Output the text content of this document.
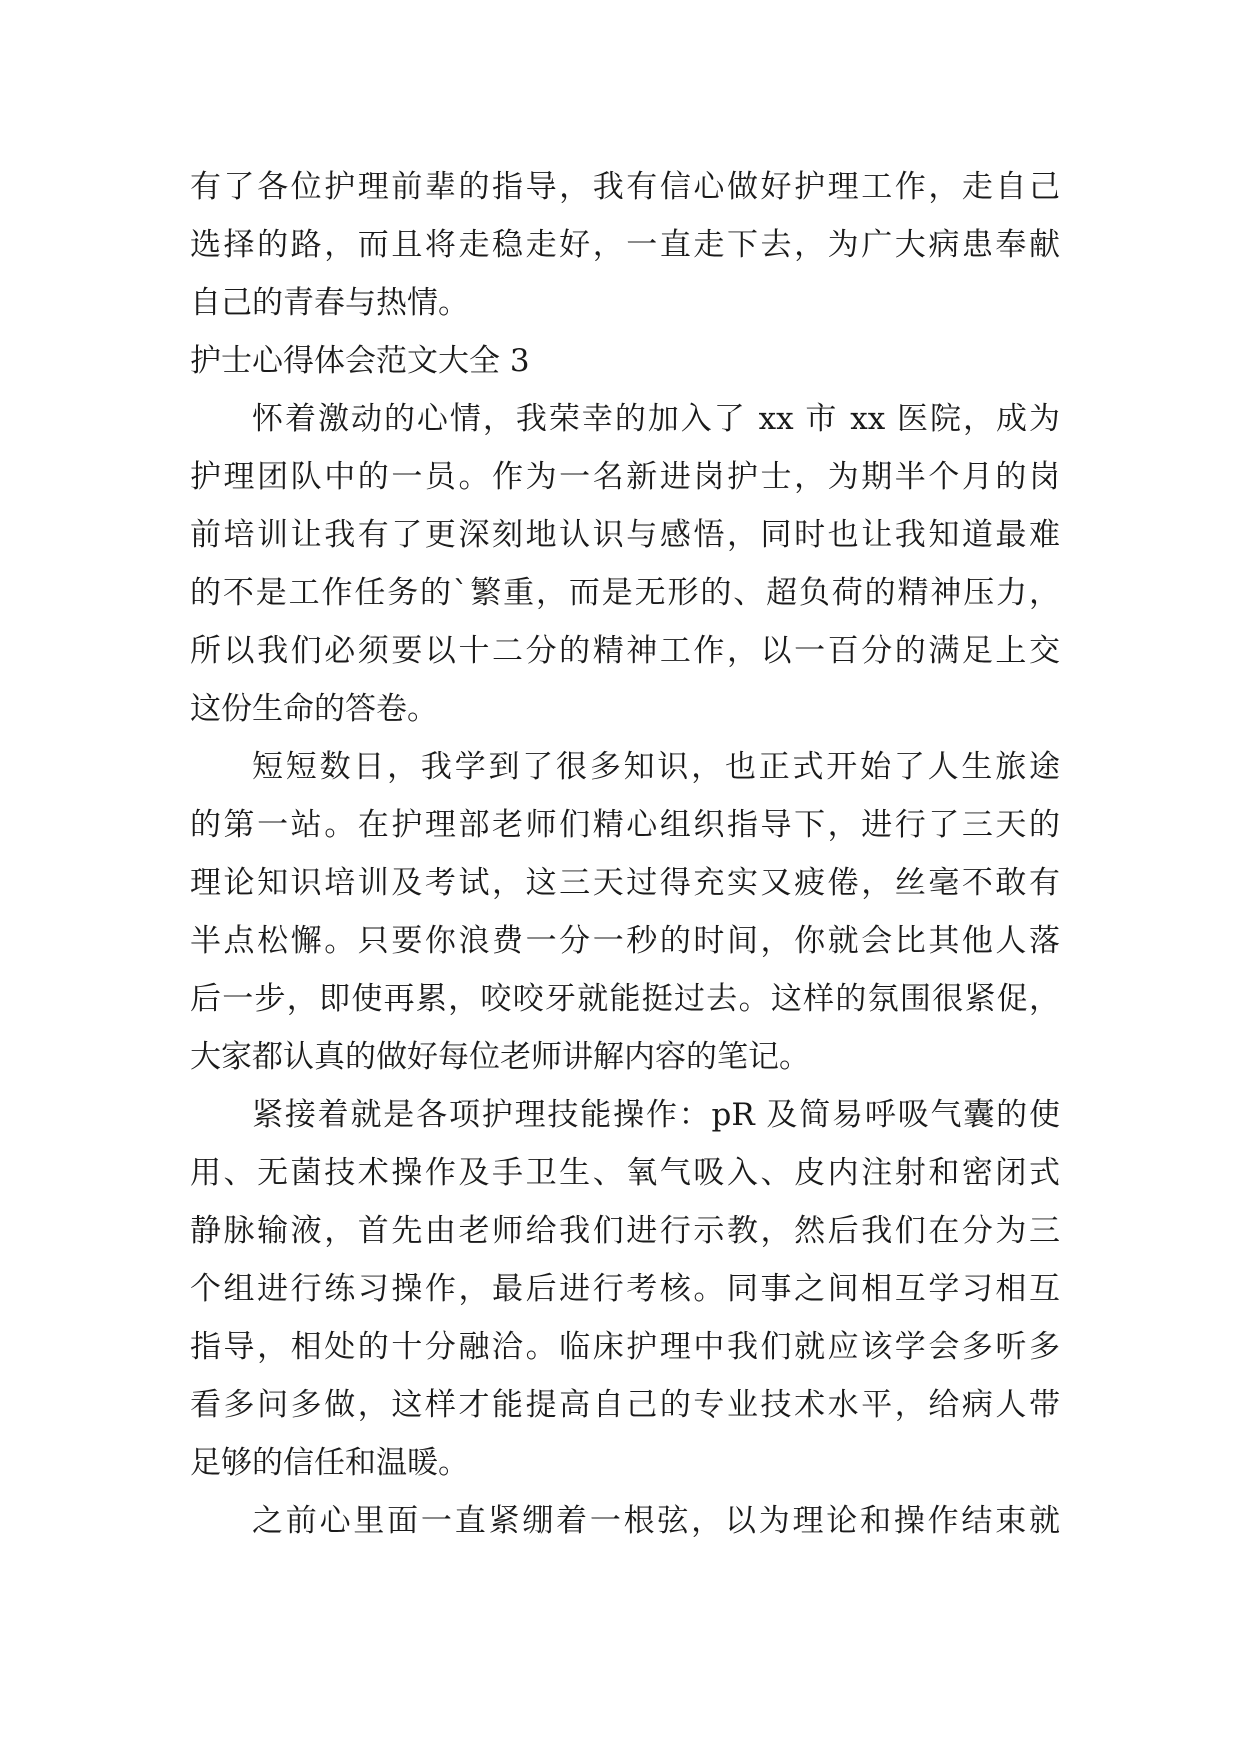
有了各位护理前辈的指导，我有信心做好护理工作，走自己
选择的路，而且将走稳走好，一直走下去，为广大病患奉献
自己的青春与热情。
护士心得体会范文大全 3
怀着激动的心情，我荣幸的加入了 xx 市 xx 医院，成为
护理团队中的一员。作为一名新进岗护士，为期半个月的岗
前培训让我有了更深刻地认识与感悟，同时也让我知道最难
的不是工作任务的`繁重，而是无形的、超负荷的精神压力，
所以我们必须要以十二分的精神工作，以一百分的满足上交
这份生命的答卷。
短短数日，我学到了很多知识，也正式开始了人生旅途
的第一站。在护理部老师们精心组织指导下，进行了三天的
理论知识培训及考试，这三天过得充实又疲倦，丝毫不敢有
半点松懈。只要你浪费一分一秒的时间，你就会比其他人落
后一步，即使再累，咬咬牙就能挺过去。这样的氛围很紧促，
大家都认真的做好每位老师讲解内容的笔记。
紧接着就是各项护理技能操作：pR 及简易呼吸气囊的使
用、无菌技术操作及手卫生、氧气吸入、皮内注射和密闭式
静脉输液，首先由老师给我们进行示教，然后我们在分为三
个组进行练习操作，最后进行考核。同事之间相互学习相互
指导，相处的十分融洽。临床护理中我们就应该学会多听多
看多问多做，这样才能提高自己的专业技术水平，给病人带
足够的信任和温暖。
之前心里面一直紧绷着一根弦，以为理论和操作结束就
